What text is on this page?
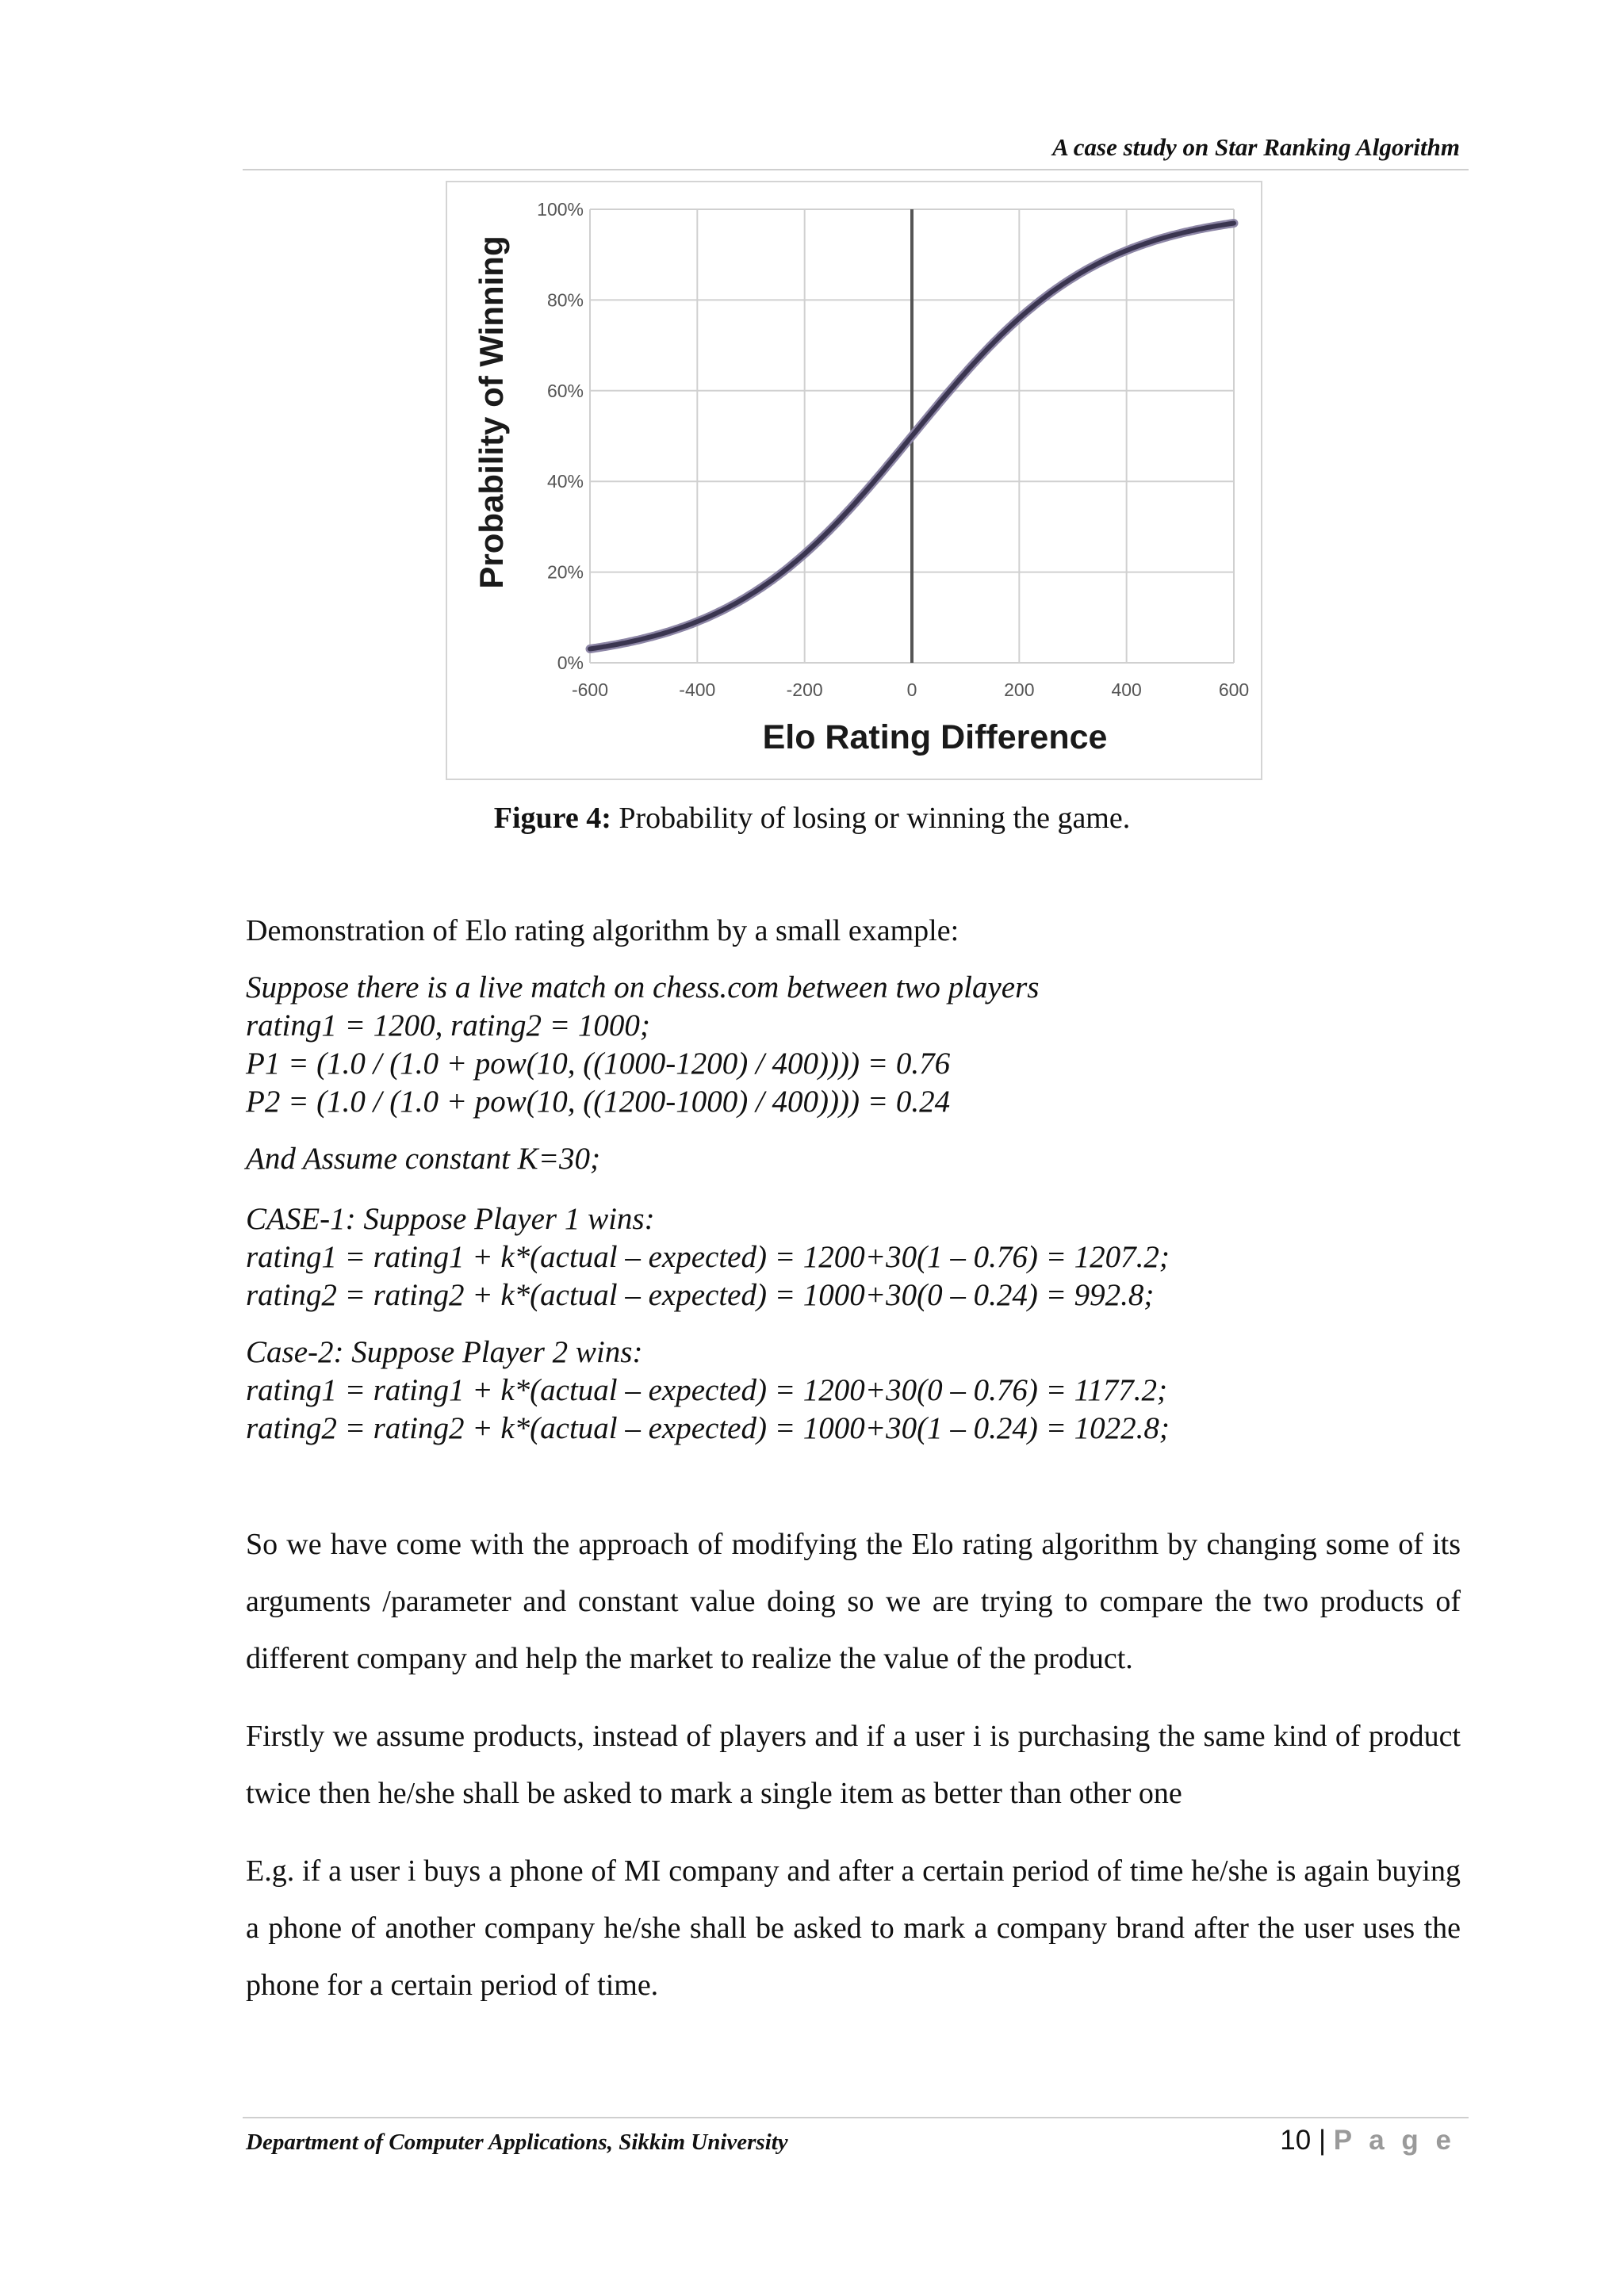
A case study on Star Ranking Algorithm
0%
20%
40%
60%
80%
100%
-600	-400	-200	0	200	400	600
Elo Rating Difference
Probability of Winning
Figure 4: Probability of losing or winning the game.
Demonstration of Elo rating algorithm by a small example:
Suppose there is a live match on chess.com between two players
rating1 = 1200, rating2 = 1000;
P1 = (1.0 / (1.0 + pow(10, ((1000-1200) / 400)))) = 0.76
P2 = (1.0 / (1.0 + pow(10, ((1200-1000) / 400)))) = 0.24
And Assume constant K=30;
CASE-1: Suppose Player 1 wins:
rating1 = rating1 + k*(actual – expected) = 1200+30(1 – 0.76) = 1207.2;
rating2 = rating2 + k*(actual – expected) = 1000+30(0 – 0.24) = 992.8;
Case-2: Suppose Player 2 wins:
rating1 = rating1 + k*(actual – expected) = 1200+30(0 – 0.76) = 1177.2;
rating2 = rating2 + k*(actual – expected) = 1000+30(1 – 0.24) = 1022.8;
So we have come with the approach of modifying the Elo rating algorithm by changing some of its arguments /parameter and constant value doing so we are trying to compare the two products of different company and help the market to realize the value of the product.
Firstly we assume products, instead of players and if a user i is purchasing the same kind of product twice then he/she shall be asked to mark a single item as better than other one
E.g. if a user i buys a phone of MI company and after a certain period of time he/she is again buying a phone of another company he/she shall be asked to mark a company brand after the user uses the phone for a certain period of time.
Department of Computer Applications, Sikkim University	10 | P a g e
